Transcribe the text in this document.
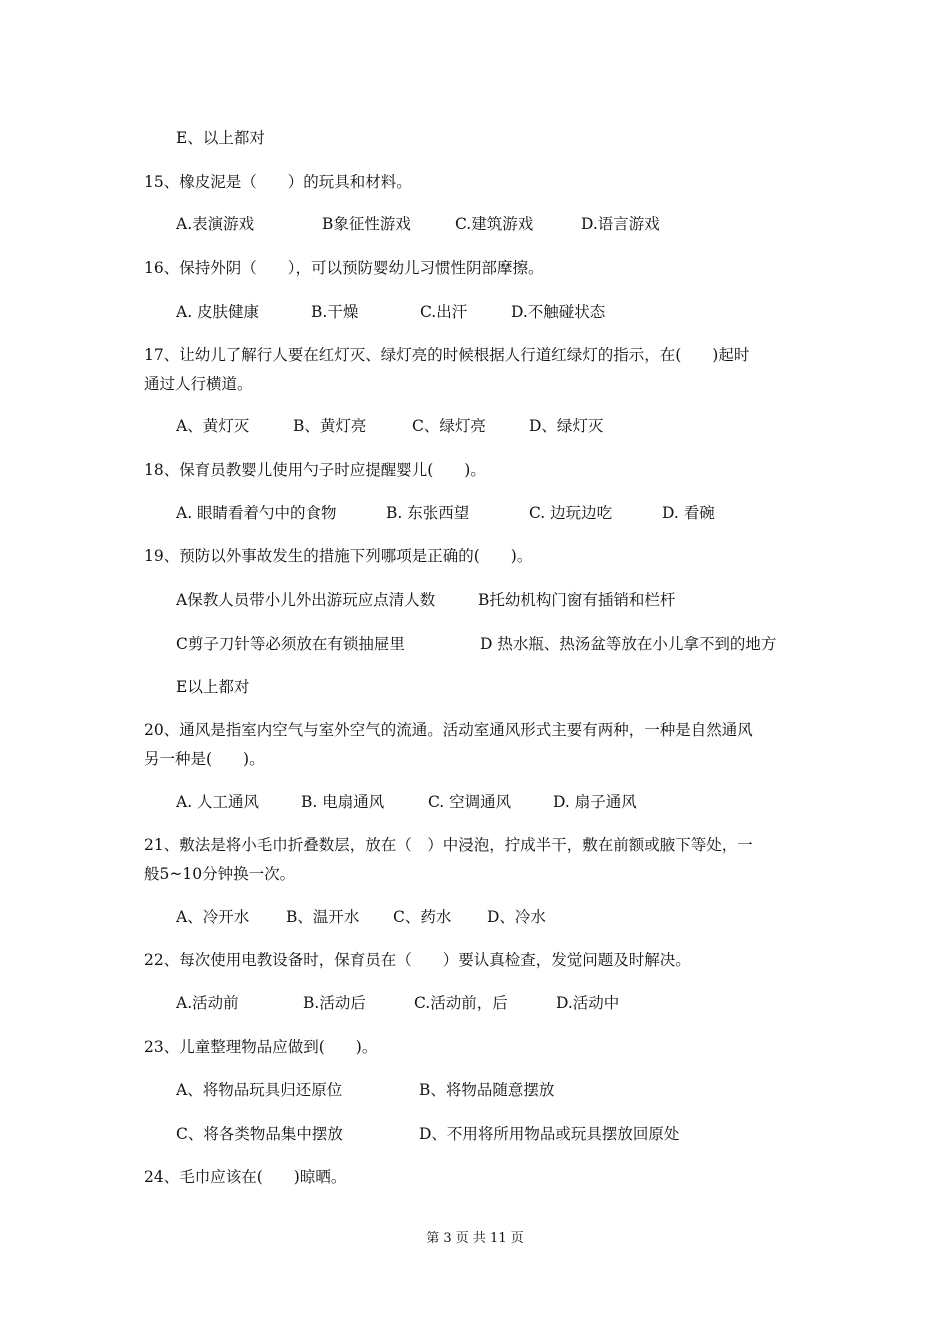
E、以上都对
15、橡皮泥是（　　）的玩具和材料。
A.表演游戏	B象征性游戏	C.建筑游戏	D.语言游戏
16、保持外阴（　　），可以预防婴幼儿习惯性阴部摩擦。
A. 皮肤健康	B.干燥	C.出汗	D.不触碰状态
17、让幼儿了解行人要在红灯灭、绿灯亮的时候根据人行道红绿灯的指示，在(　　)起时
通过人行横道。
A、黄灯灭	B、黄灯亮	C、绿灯亮	D、绿灯灭
18、保育员教婴儿使用勺子时应提醒婴儿(　　)。
A. 眼睛看着勺中的食物	B. 东张西望	C. 边玩边吃	D. 看碗
19、预防以外事故发生的措施下列哪项是正确的(　　)。
A保教人员带小儿外出游玩应点清人数	B托幼机构门窗有插销和栏杆
C剪子刀针等必须放在有锁抽屉里	D 热水瓶、热汤盆等放在小儿拿不到的地方
E以上都对
20、通风是指室内空气与室外空气的流通。活动室通风形式主要有两种，一种是自然通风
另一种是(　　)。
A. 人工通风	B. 电扇通风	C. 空调通风	D. 扇子通风
21、敷法是将小毛巾折叠数层，放在（　）中浸泡，拧成半干，敷在前额或腋下等处，一
般5~10分钟换一次。
A、冷开水 B、温开水 C、药水 D、冷水
22、每次使用电教设备时，保育员在（　　）要认真检查，发觉问题及时解决。
A.活动前	B.活动后	C.活动前，后	D.活动中
23、儿童整理物品应做到(　　)。
A、将物品玩具归还原位	B、将物品随意摆放
C、将各类物品集中摆放	D、不用将所用物品或玩具摆放回原处
24、毛巾应该在(　　)晾晒。
第 3 页 共 11 页
